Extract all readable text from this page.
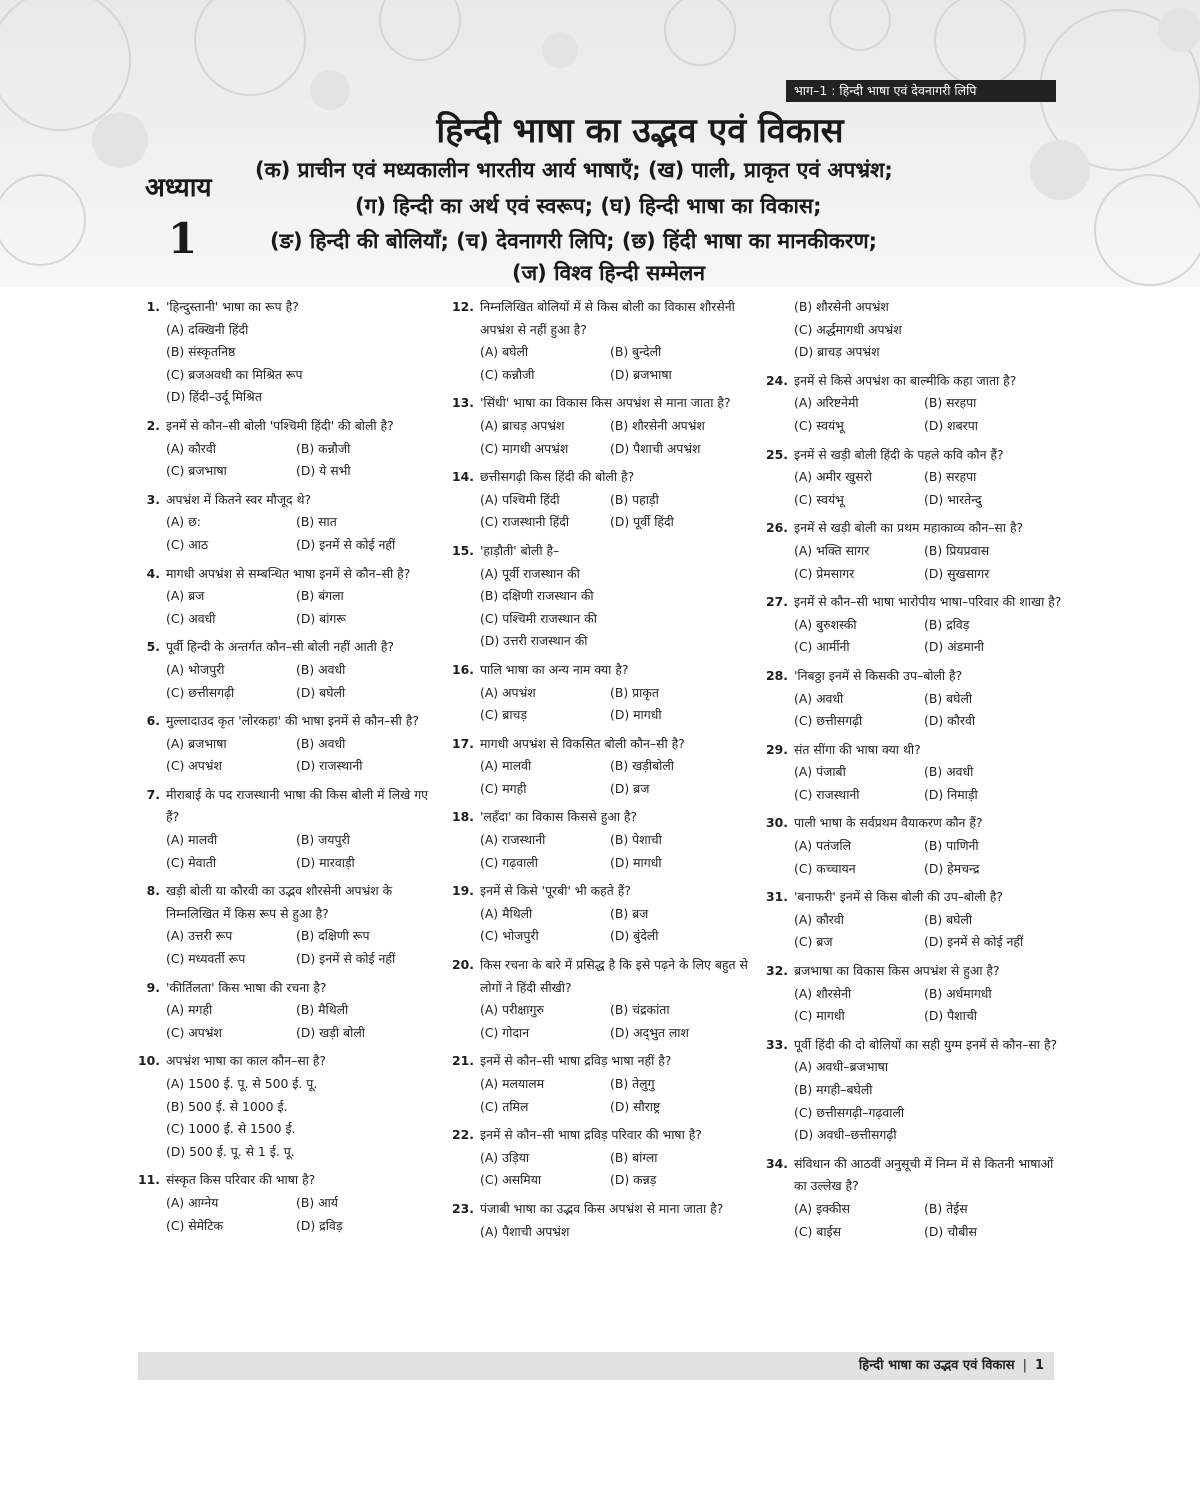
भाग–1 : हिन्दी भाषा एवं देवनागरी लिपि
हिन्दी भाषा का उद्भव एवं विकास
अध्याय
1
(क) प्राचीन एवं मध्यकालीन भारतीय आर्य भाषाएँ; (ख) पाली, प्राकृत एवं अपभ्रंश;
(ग) हिन्दी का अर्थ एवं स्वरूप; (घ) हिन्दी भाषा का विकास;
(ङ) हिन्दी की बोलियाँ; (च) देवनागरी लिपि; (छ) हिंदी भाषा का मानकीकरण;
(ज) विश्व हिन्दी सम्मेलन
1. 'हिन्दुस्तानी' भाषा का रूप है?
(A) दक्खिनी हिंदी
(B) संस्कृतनिष्ठ
(C) ब्रजअवधी का मिश्रित रूप
(D) हिंदी–उर्दू मिश्रित
2. इनमें से कौन–सी बोली 'पश्चिमी हिंदी' की बोली है?
(A) कौरवी	(B) कन्नौजी
(C) ब्रजभाषा	(D) ये सभी
3. अपभ्रंश में कितने स्वर मौजूद थे?
(A) छ:	(B) सात
(C) आठ	(D) इनमें से कोई नहीं
4. मागधी अपभ्रंश से सम्बन्धित भाषा इनमें से कौन–सी है?
(A) ब्रज	(B) बंगला
(C) अवधी	(D) बांगरू
5. पूर्वी हिन्दी के अन्तर्गत कौन–सी बोली नहीं आती है?
(A) भोजपुरी	(B) अवधी
(C) छत्तीसगढ़ी	(D) बघेली
6. मुल्लादाउद कृत 'लोरकहा' की भाषा इनमें से कौन–सी है?
(A) ब्रजभाषा	(B) अवधी
(C) अपभ्रंश	(D) राजस्थानी
7. मीराबाई के पद राजस्थानी भाषा की किस बोली में लिखे गए हैं?
(A) मालवी	(B) जयपुरी
(C) मेवाती	(D) मारवाड़ी
8. खड़ी बोली या कौरवी का उद्भव शौरसेनी अपभ्रंश के निम्नलिखित में किस रूप से हुआ है?
(A) उत्तरी रूप	(B) दक्षिणी रूप
(C) मध्यवर्ती रूप	(D) इनमें से कोई नहीं
9. 'कीर्तिलता' किस भाषा की रचना है?
(A) मगही	(B) मैथिली
(C) अपभ्रंश	(D) खड़ी बोली
10. अपभ्रंश भाषा का काल कौन–सा है?
(A) 1500 ई. पू. से 500 ई. पू.
(B) 500 ई. से 1000 ई.
(C) 1000 ई. से 1500 ई.
(D) 500 ई. पू. से 1 ई. पू.
11. संस्कृत किस परिवार की भाषा है?
(A) आग्नेय	(B) आर्य
(C) सेमेटिक	(D) द्रविड़
12. निम्नलिखित बोलियों में से किस बोली का विकास शौरसेनी अपभ्रंश से नहीं हुआ है?
(A) बघेली	(B) बुन्देली
(C) कन्नौजी	(D) ब्रजभाषा
13. 'सिंधी' भाषा का विकास किस अपभ्रंश से माना जाता है?
(A) ब्राचड़ अपभ्रंश	(B) शौरसेनी अपभ्रंश
(C) मागधी अपभ्रंश	(D) पैशाची अपभ्रंश
14. छत्तीसगढ़ी किस हिंदी की बोली है?
(A) पश्चिमी हिंदी	(B) पहाड़ी
(C) राजस्थानी हिंदी	(D) पूर्वी हिंदी
15. 'हाड़ौती' बोली है–
(A) पूर्वी राजस्थान की
(B) दक्षिणी राजस्थान की
(C) पश्चिमी राजस्थान की
(D) उत्तरी राजस्थान की
16. पालि भाषा का अन्य नाम क्या है?
(A) अपभ्रंश	(B) प्राकृत
(C) ब्राचड़	(D) मागधी
17. मागधी अपभ्रंश से विकसित बोली कौन–सी है?
(A) मालवी	(B) खड़ीबोली
(C) मगही	(D) ब्रज
18. 'लहँदा' का विकास किससे हुआ है?
(A) राजस्थानी	(B) पेशाची
(C) गढ़वाली	(D) मागधी
19. इनमें से किसे 'पूरबी' भी कहते हैं?
(A) मैथिली	(B) ब्रज
(C) भोजपुरी	(D) बुंदेली
20. किस रचना के बारे में प्रसिद्ध है कि इसे पढ़ने के लिए बहुत से लोगों ने हिंदी सीखी?
(A) परीक्षागुरु	(B) चंद्रकांता
(C) गोदान	(D) अद्‌भुत लाश
21. इनमें से कौन–सी भाषा द्रविड़ भाषा नहीं है?
(A) मलयालम	(B) तेलुगु
(C) तमिल	(D) सौराष्ट्र
22. इनमें से कौन–सी भाषा द्रविड़ परिवार की भाषा है?
(A) उड़िया	(B) बांग्ला
(C) असमिया	(D) कन्नड़
23. पंजाबी भाषा का उद्भव किस अपभ्रंश से माना जाता है?
(A) पैशाची अपभ्रंश
(B) शौरसेनी अपभ्रंश
(C) अर्द्धमागधी अपभ्रंश
(D) ब्राचड़ अपभ्रंश
24. इनमें से किसे अपभ्रंश का बाल्मीकि कहा जाता है?
(A) अरिष्टनेमी	(B) सरहपा
(C) स्वयंभू	(D) शबरपा
25. इनमें से खड़ी बोली हिंदी के पहले कवि कौन हैं?
(A) अमीर खुसरो	(B) सरहपा
(C) स्वयंभू	(D) भारतेन्दु
26. इनमें से खड़ी बोली का प्रथम महाकाव्य कौन–सा है?
(A) भक्ति सागर	(B) प्रियप्रवास
(C) प्रेमसागर	(D) सुखसागर
27. इनमें से कौन–सी भाषा भारोपीय भाषा–परिवार की शाखा है?
(A) बुरुशस्की	(B) द्रविड़
(C) आर्मीनी	(D) अंडमानी
28. 'निबठ्ठा इनमें से किसकी उप–बोली है?
(A) अवधी	(B) बघेली
(C) छत्तीसगढ़ी	(D) कौरवी
29. संत सींगा की भाषा क्या थी?
(A) पंजाबी	(B) अवधी
(C) राजस्थानी	(D) निमाड़ी
30. पाली भाषा के सर्वप्रथम वैयाकरण कौन हैं?
(A) पतंजलि	(B) पाणिनी
(C) कच्चायन	(D) हेमचन्द्र
31. 'बनाफरी' इनमें से किस बोली की उप–बोली है?
(A) कौरवी	(B) बघेली
(C) ब्रज	(D) इनमें से कोई नहीं
32. ब्रजभाषा का विकास किस अपभ्रंश से हुआ है?
(A) शौरसेनी	(B) अर्धमागधी
(C) मागधी	(D) पैशाची
33. पूर्वी हिंदी की दो बोलियों का सही युग्म इनमें से कौन–सा है?
(A) अवधी–ब्रजभाषा
(B) मगही–बघेली
(C) छत्तीसगढ़ी–गढ़वाली
(D) अवधी–छत्तीसगढ़ी
34. संविधान की आठवीं अनुसूची में निम्न में से कितनी भाषाओं का उल्लेख है?
(A) इक्कीस	(B) तेईस
(C) बाईस	(D) चौबीस
हिन्दी भाषा का उद्भव एवं विकास | 1
